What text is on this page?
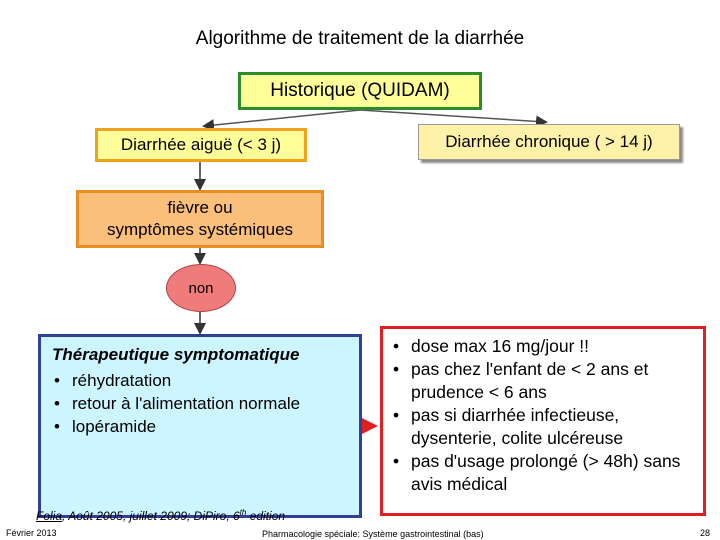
Algorithme de traitement de la diarrhée
Historique (QUIDAM)
Diarrhée aiguë (< 3 j)	Diarrhée chronique ( > 14 j)
fièvre ou
symptômes systémiques
non
Thérapeutique symptomatique
• réhydratation
• retour à l'alimentation normale
• lopéramide
• dose max 16 mg/jour !!
• pas chez l'enfant de < 2 ans et prudence < 6 ans
• pas si diarrhée infectieuse, dysenterie, colite ulcéreuse
• pas d'usage prolongé (> 48h) sans avis médical
Folia, Août 2005, juillet 2009; DiPiro, 6th edition
Février 2013	Pharmacologie spéciale: Système gastrointestinal (bas)	28
